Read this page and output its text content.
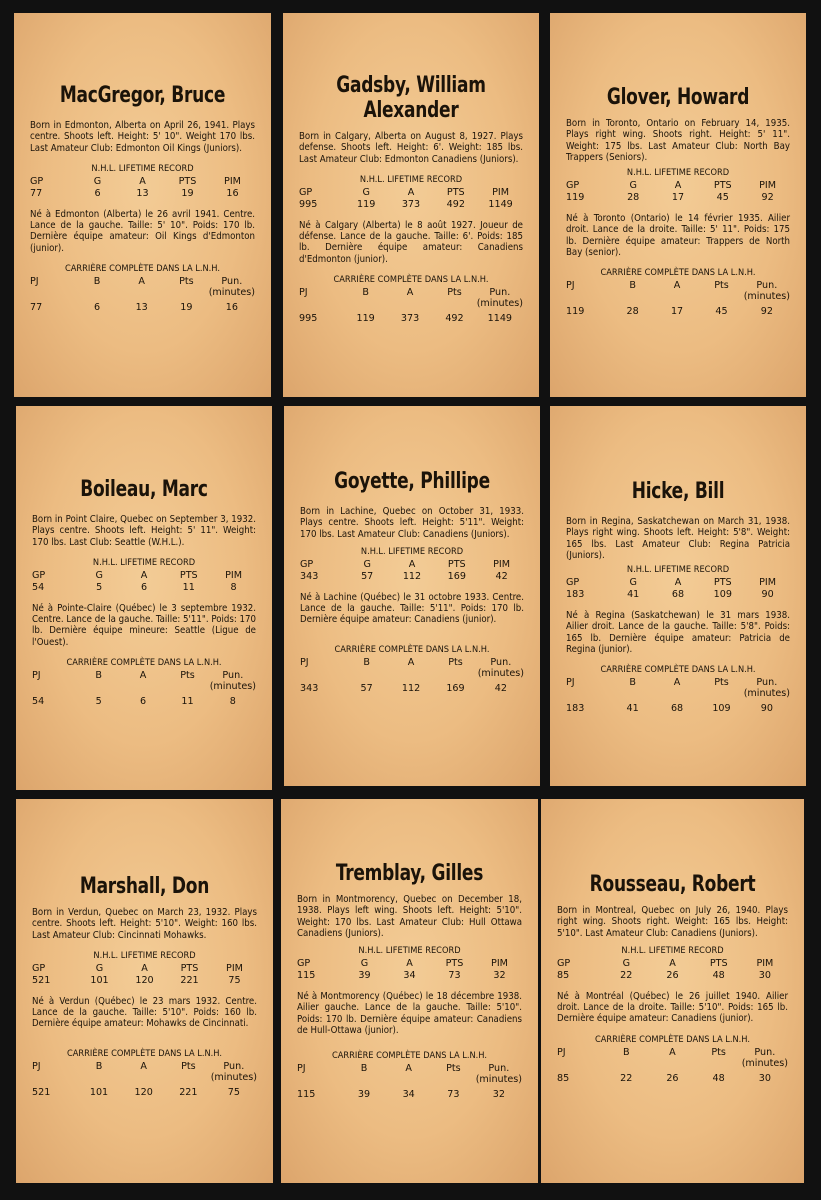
MacGregor, Bruce
Born in Edmonton, Alberta on April 26, 1941. Plays centre. Shoots left. Height: 5' 10". Weight 170 lbs. Last Amateur Club: Edmonton Oil Kings (Juniors).
N.H.L. LIFETIME RECORD
GP	G	A	PTS	PIM
77	6	13	19	16
Né à Edmonton (Alberta) le 26 avril 1941. Centre. Lance de la gauche. Taille: 5' 10". Poids: 170 lb. Dernière équipe amateur: Oil Kings d'Edmonton (junior).
CARRIÈRE COMPLÈTE DANS LA L.N.H.
PJ	B	A	Pts	Pun. (minutes)
77	6	13	19	16
Gadsby, William Alexander
Born in Calgary, Alberta on August 8, 1927. Plays defense. Shoots left. Height: 6'. Weight: 185 lbs. Last Amateur Club: Edmonton Canadiens (Juniors).
N.H.L. LIFETIME RECORD
GP	G	A	PTS	PIM
995	119	373	492	1149
Né à Calgary (Alberta) le 8 août 1927. Joueur de défense. Lance de la gauche. Taille: 6'. Poids: 185 lb. Dernière équipe amateur: Canadiens d'Edmonton (junior).
CARRIÈRE COMPLÈTE DANS LA L.N.H.
PJ	B	A	Pts	Pun. (minutes)
995	119	373	492	1149
Glover, Howard
Born in Toronto, Ontario on February 14, 1935. Plays right wing. Shoots right. Height: 5' 11". Weight: 175 lbs. Last Amateur Club: North Bay Trappers (Seniors).
N.H.L. LIFETIME RECORD
GP	G	A	PTS	PIM
119	28	17	45	92
Né à Toronto (Ontario) le 14 février 1935. Ailier droit. Lance de la droite. Taille: 5' 11". Poids: 175 lb. Dernière équipe amateur: Trappers de North Bay (senior).
CARRIÈRE COMPLÈTE DANS LA L.N.H.
PJ	B	A	Pts	Pun. (minutes)
119	28	17	45	92
Boileau, Marc
Born in Point Claire, Quebec on September 3, 1932. Plays centre. Shoots left. Height: 5' 11". Weight: 170 lbs. Last Club: Seattle (W.H.L.).
N.H.L. LIFETIME RECORD
GP	G	A	PTS	PIM
54	5	6	11	8
Né à Pointe-Claire (Québec) le 3 septembre 1932. Centre. Lance de la gauche. Taille: 5'11". Poids: 170 lb. Dernière équipe mineure: Seattle (Ligue de l'Ouest).
CARRIÈRE COMPLÈTE DANS LA L.N.H.
PJ	B	A	Pts	Pun. (minutes)
54	5	6	11	8
Goyette, Phillipe
Born in Lachine, Quebec on October 31, 1933. Plays centre. Shoots left. Height: 5'11". Weight: 170 lbs. Last Amateur Club: Canadiens (Juniors).
N.H.L. LIFETIME RECORD
GP	G	A	PTS	PIM
343	57	112	169	42
Né à Lachine (Québec) le 31 octobre 1933. Centre. Lance de la gauche. Taille: 5'11". Poids: 170 lb. Dernière équipe amateur: Canadiens (junior).
CARRIÈRE COMPLÈTE DANS LA L.N.H.
PJ	B	A	Pts	Pun. (minutes)
343	57	112	169	42
Hicke, Bill
Born in Regina, Saskatchewan on March 31, 1938. Plays right wing. Shoots left. Height: 5'8". Weight: 165 lbs. Last Amateur Club: Regina Patricia (Juniors).
N.H.L. LIFETIME RECORD
GP	G	A	PTS	PIM
183	41	68	109	90
Né à Regina (Saskatchewan) le 31 mars 1938. Ailier droit. Lance de la gauche. Taille: 5'8". Poids: 165 lb. Dernière équipe amateur: Patricia de Regina (junior).
CARRIÈRE COMPLÈTE DANS LA L.N.H.
PJ	B	A	Pts	Pun. (minutes)
183	41	68	109	90
Marshall, Don
Born in Verdun, Quebec on March 23, 1932. Plays centre. Shoots left. Height: 5'10". Weight: 160 lbs. Last Amateur Club: Cincinnati Mohawks.
N.H.L. LIFETIME RECORD
GP	G	A	PTS	PIM
521	101	120	221	75
Né à Verdun (Québec) le 23 mars 1932. Centre. Lance de la gauche. Taille: 5'10". Poids: 160 lb. Dernière équipe amateur: Mohawks de Cincinnati.
CARRIÈRE COMPLÈTE DANS LA L.N.H.
PJ	B	A	Pts	Pun. (minutes)
521	101	120	221	75
Tremblay, Gilles
Born in Montmorency, Quebec on December 18, 1938. Plays left wing. Shoots left. Height: 5'10". Weight: 170 lbs. Last Amateur Club: Hull Ottawa Canadiens (Juniors).
N.H.L. LIFETIME RECORD
GP	G	A	PTS	PIM
115	39	34	73	32
Né à Montmorency (Québec) le 18 décembre 1938. Ailier gauche. Lance de la gauche. Taille: 5'10". Poids: 170 lb. Dernière équipe amateur: Canadiens de Hull-Ottawa (junior).
CARRIÈRE COMPLÈTE DANS LA L.N.H.
PJ	B	A	Pts	Pun. (minutes)
115	39	34	73	32
Rousseau, Robert
Born in Montreal, Quebec on July 26, 1940. Plays right wing. Shoots right. Weight: 165 lbs. Height: 5'10". Last Amateur Club: Canadiens (Juniors).
N.H.L. LIFETIME RECORD
GP	G	A	PTS	PIM
85	22	26	48	30
Né à Montréal (Québec) le 26 juillet 1940. Ailier droit. Lance de la droite. Taille: 5'10". Poids: 165 lb. Dernière équipe amateur: Canadiens (junior).
CARRIÈRE COMPLÈTE DANS LA L.N.H.
PJ	B	A	Pts	Pun. (minutes)
85	22	26	48	30
